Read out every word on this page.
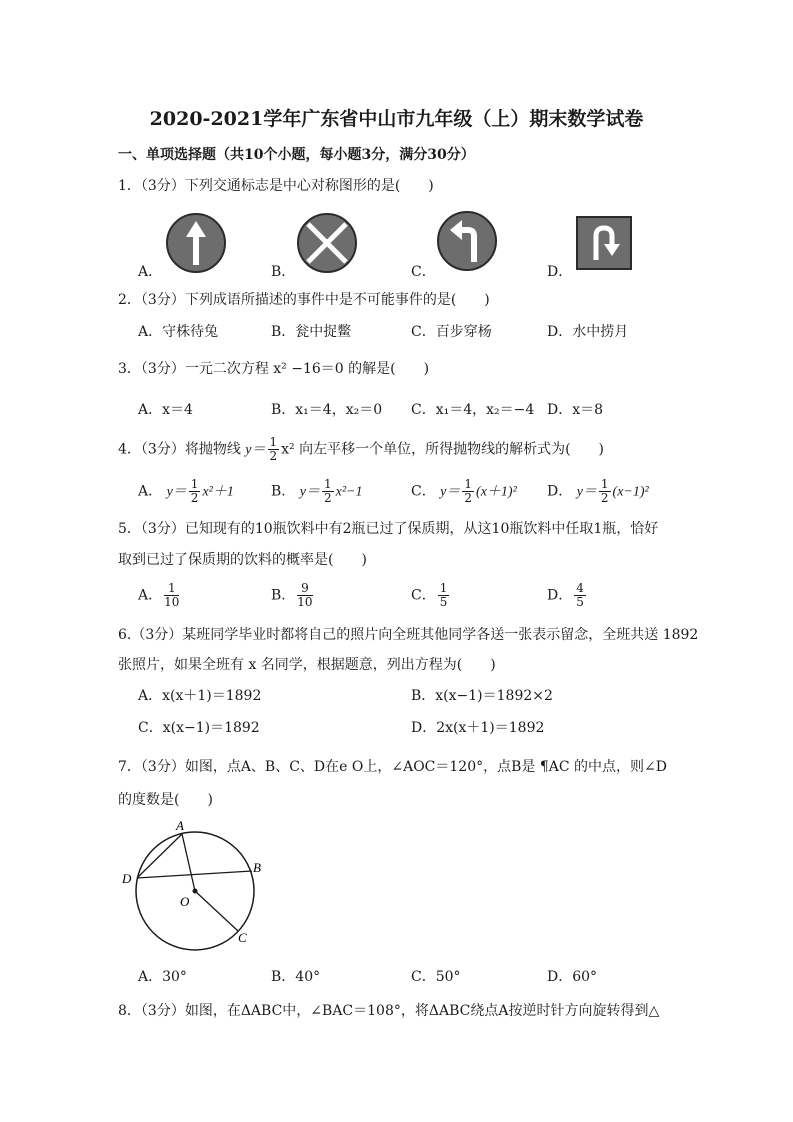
2020-2021学年广东省中山市九年级（上）期末数学试卷
一、单项选择题（共10个小题，每小题3分，满分30分）
1．（3分）下列交通标志是中心对称图形的是(　　)
A．	B．	C．	D．
2．（3分）下列成语所描述的事件中是不可能事件的是(　　)
A．守株待兔	B．瓮中捉鳖	C．百步穿杨	D．水中捞月
3．（3分）一元二次方程 x² −16＝0 的解是(　　)
A．x＝4	B．x₁＝4，x₂＝0 C．x₁＝4，x₂＝−4 D．x＝8
4．（3分）将抛物线 $y= \frac{1}{2} x^2$ 向左平移一个单位，所得抛物线的解析式为(　　)
A． $y= \frac{1}{2} x^2+1$	B． $y= \frac{1}{2} x^2-1$	C． $y= \frac{1}{2} (x+1)^2$ D． $y= \frac{1}{2} (x-1)^2$
5．（3分）已知现有的10瓶饮料中有2瓶已过了保质期，从这10瓶饮料中任取1瓶，恰好
取到已过了保质期的饮料的概率是(　　)
A． $\frac{1}{10}$	B． $\frac{9}{10}$	C． $\frac{1}{5}$	D． $\frac{4}{5}$
6.（3分）某班同学毕业时都将自己的照片向全班其他同学各送一张表示留念，全班共送 1892
张照片，如果全班有 x 名同学，根据题意，列出方程为(　　)
A．x(x＋1)＝1892	B．x(x−1)＝1892×2
C．x(x−1)＝1892	D．2x(x＋1)＝1892
7．（3分）如图，点A、B、C、D在e O上，∠AOC＝120°，点B是 ¶AC 的中点，则∠D
的度数是(　　)
A
B
C
D
O
A．30°	B．40°	C．50°	D．60°
8．（3分）如图，在ΔABC中，∠BAC＝108°，将ΔABC绕点A按逆时针方向旋转得到△
